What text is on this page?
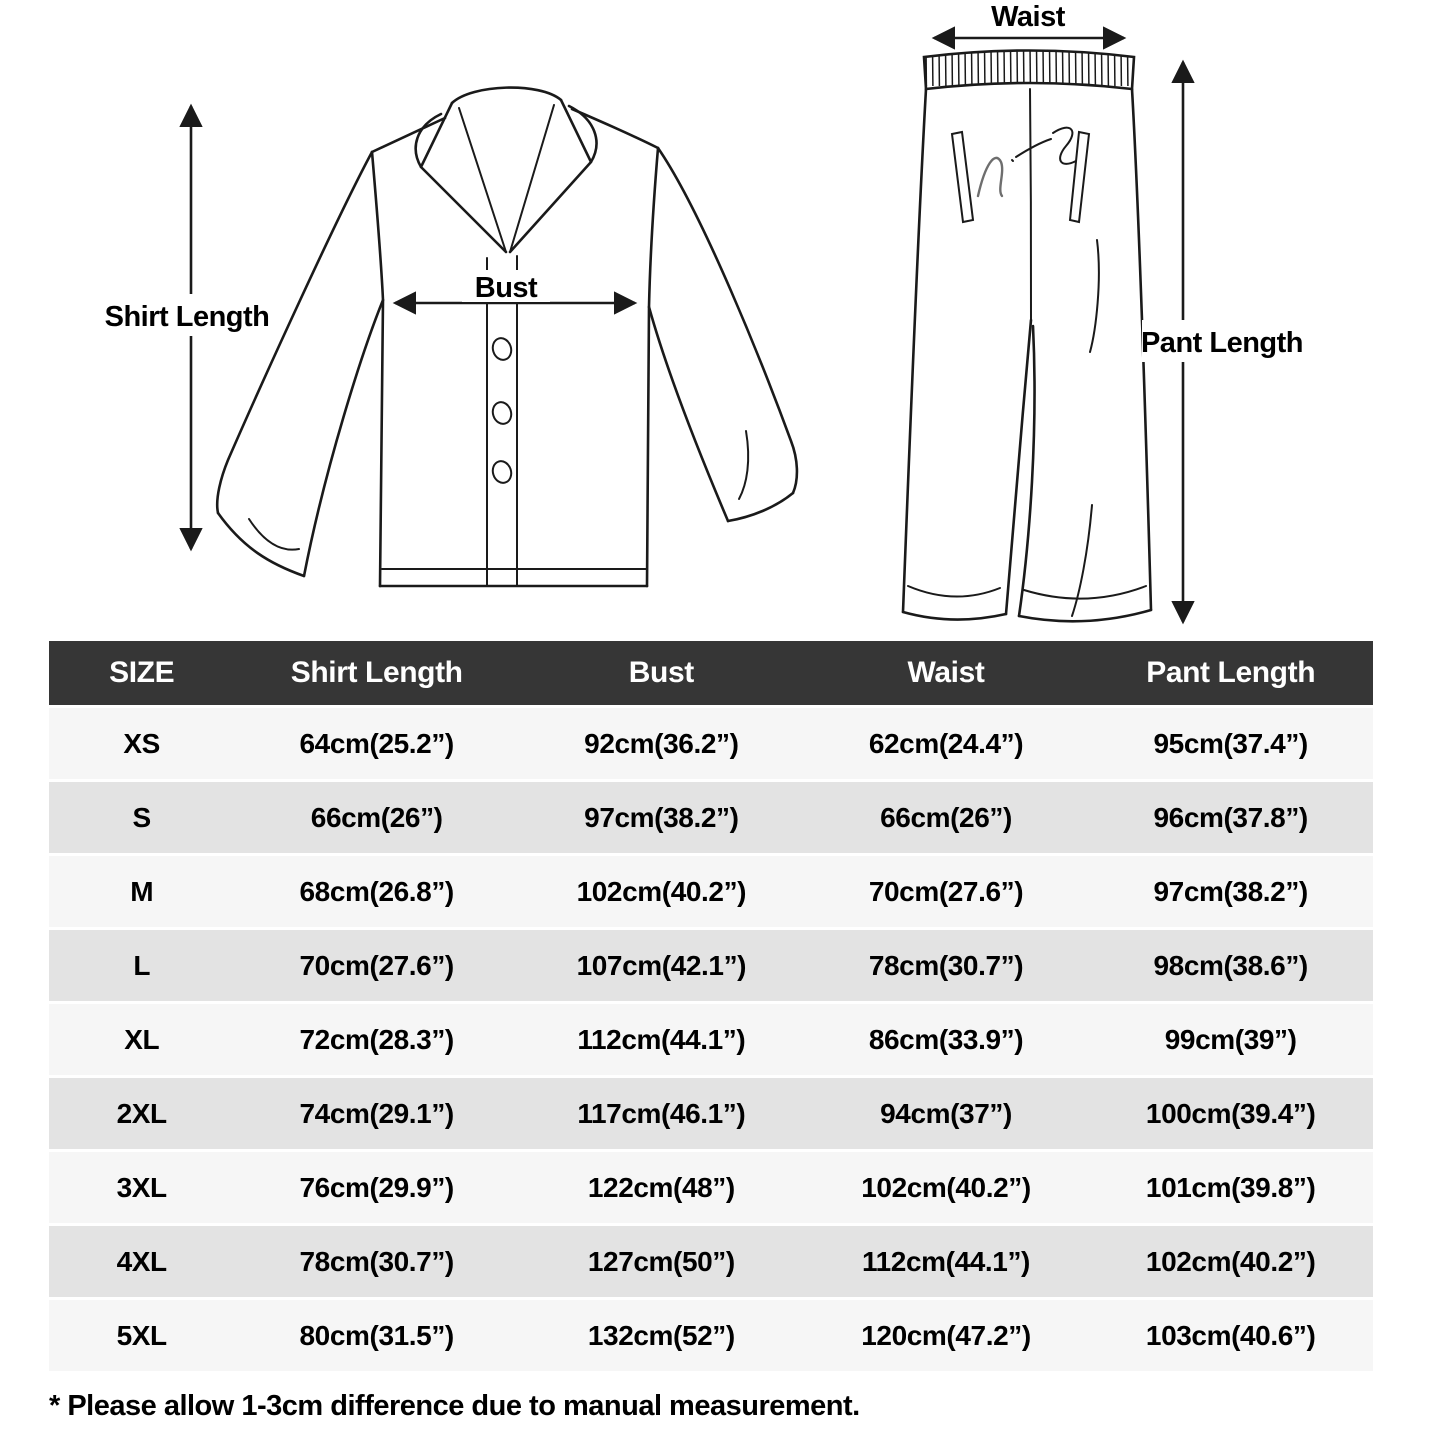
Shirt Length
Bust
Waist
Pant Length
SIZE	Shirt Length	Bust	Waist	Pant Length
XS	64cm(25.2”)	92cm(36.2”)	62cm(24.4”)	95cm(37.4”)
S	66cm(26”)	97cm(38.2”)	66cm(26”)	96cm(37.8”)
M	68cm(26.8”)	102cm(40.2”)	70cm(27.6”)	97cm(38.2”)
L	70cm(27.6”)	107cm(42.1”)	78cm(30.7”)	98cm(38.6”)
XL	72cm(28.3”)	112cm(44.1”)	86cm(33.9”)	99cm(39”)
2XL	74cm(29.1”)	117cm(46.1”)	94cm(37”)	100cm(39.4”)
3XL	76cm(29.9”)	122cm(48”)	102cm(40.2”)	101cm(39.8”)
4XL	78cm(30.7”)	127cm(50”)	112cm(44.1”)	102cm(40.2”)
5XL	80cm(31.5”)	132cm(52”)	120cm(47.2”)	103cm(40.6”)
* Please allow 1-3cm difference due to manual measurement.
